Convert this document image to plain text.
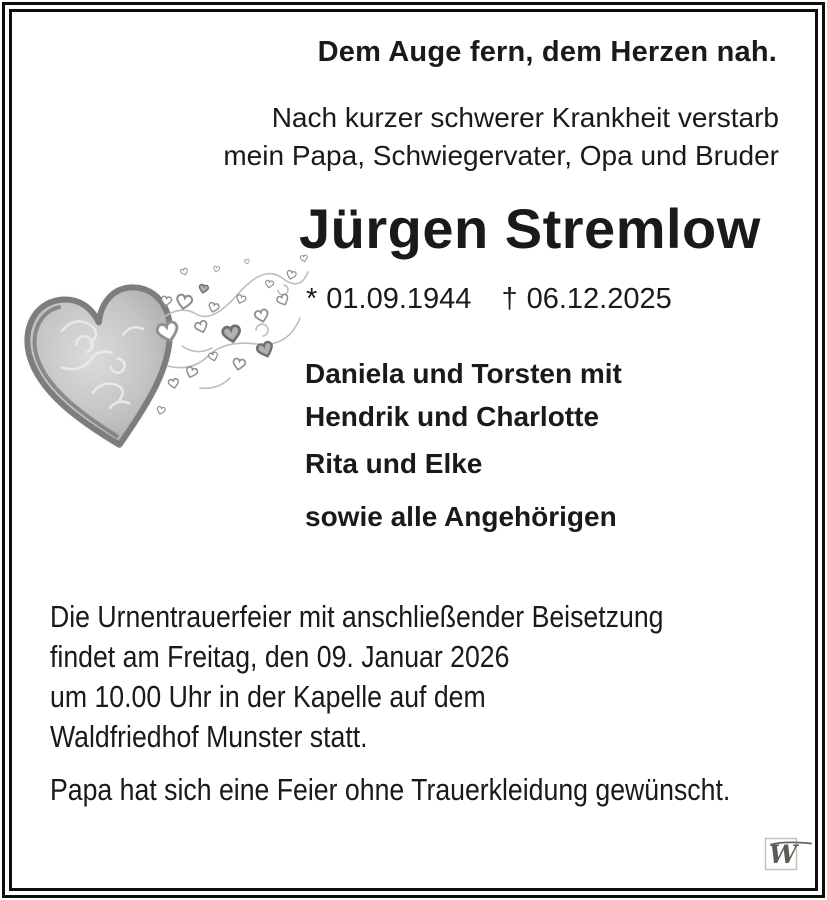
Dem Auge fern, dem Herzen nah.
Nach kurzer schwerer Krankheit verstarb
mein Papa, Schwiegervater, Opa und Bruder
Jürgen Stremlow
* 01.09.1944 † 06.12.2025
Daniela und Torsten mit
Hendrik und Charlotte
Rita und Elke
sowie alle Angehörigen
Die Urnentrauerfeier mit anschließender Beisetzung
findet am Freitag, den 09. Januar 2026
um 10.00 Uhr in der Kapelle auf dem
Waldfriedhof Munster statt.
Papa hat sich eine Feier ohne Trauerkleidung gewünscht.
W
